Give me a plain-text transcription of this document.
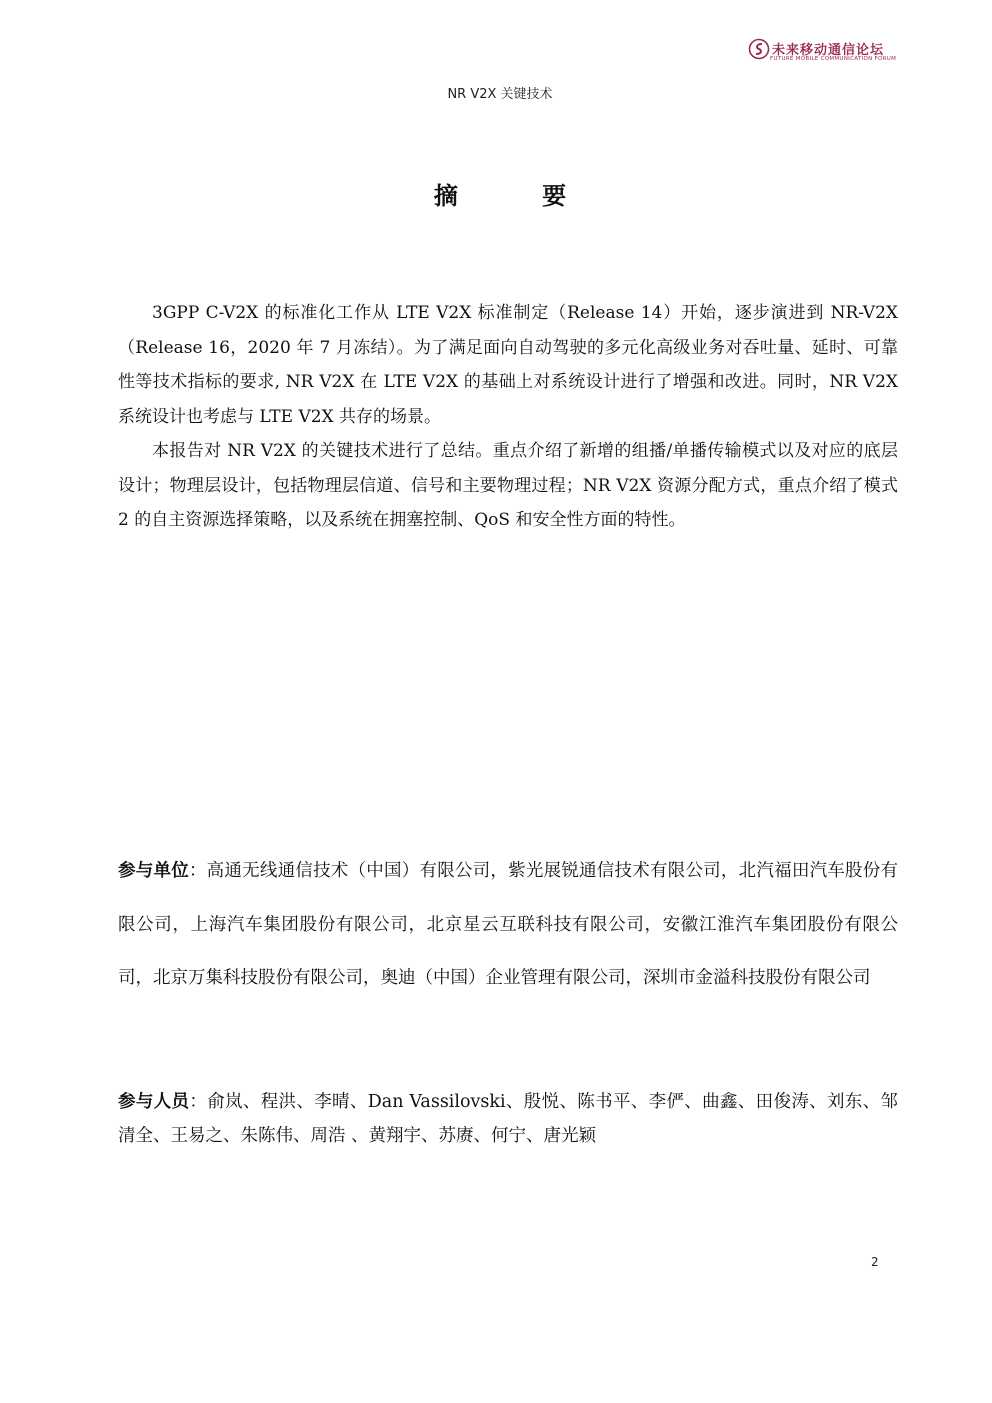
未来移动通信论坛
FUTURE MOBILE COMMUNICATION FORUM
NR V2X 关键技术
摘 要

3GPP C-V2X 的标准化工作从 LTE V2X 标准制定（Release 14）开始，逐步演进到 NR-V2X（Release 16，2020 年 7 月冻结）。为了满足面向自动驾驶的多元化高级业务对吞吐量、延时、可靠性等技术指标的要求, NR V2X 在 LTE V2X 的基础上对系统设计进行了增强和改进。同时，NR V2X 系统设计也考虑与 LTE V2X 共存的场景。

本报告对 NR V2X 的关键技术进行了总结。重点介绍了新增的组播/单播传输模式以及对应的底层设计；物理层设计，包括物理层信道、信号和主要物理过程；NR V2X 资源分配方式，重点介绍了模式 2 的自主资源选择策略，以及系统在拥塞控制、QoS 和安全性方面的特性。

参与单位：高通无线通信技术（中国）有限公司，紫光展锐通信技术有限公司，北汽福田汽车股份有限公司，上海汽车集团股份有限公司，北京星云互联科技有限公司，安徽江淮汽车集团股份有限公司，北京万集科技股份有限公司，奥迪（中国）企业管理有限公司，深圳市金溢科技股份有限公司

参与人员：俞岚、程洪、李晴、Dan Vassilovski、殷悦、陈书平、李俨、曲鑫、田俊涛、刘东、邹清全、王易之、朱陈伟、周浩 、黄翔宇、苏赓、何宁、唐光颖

2
